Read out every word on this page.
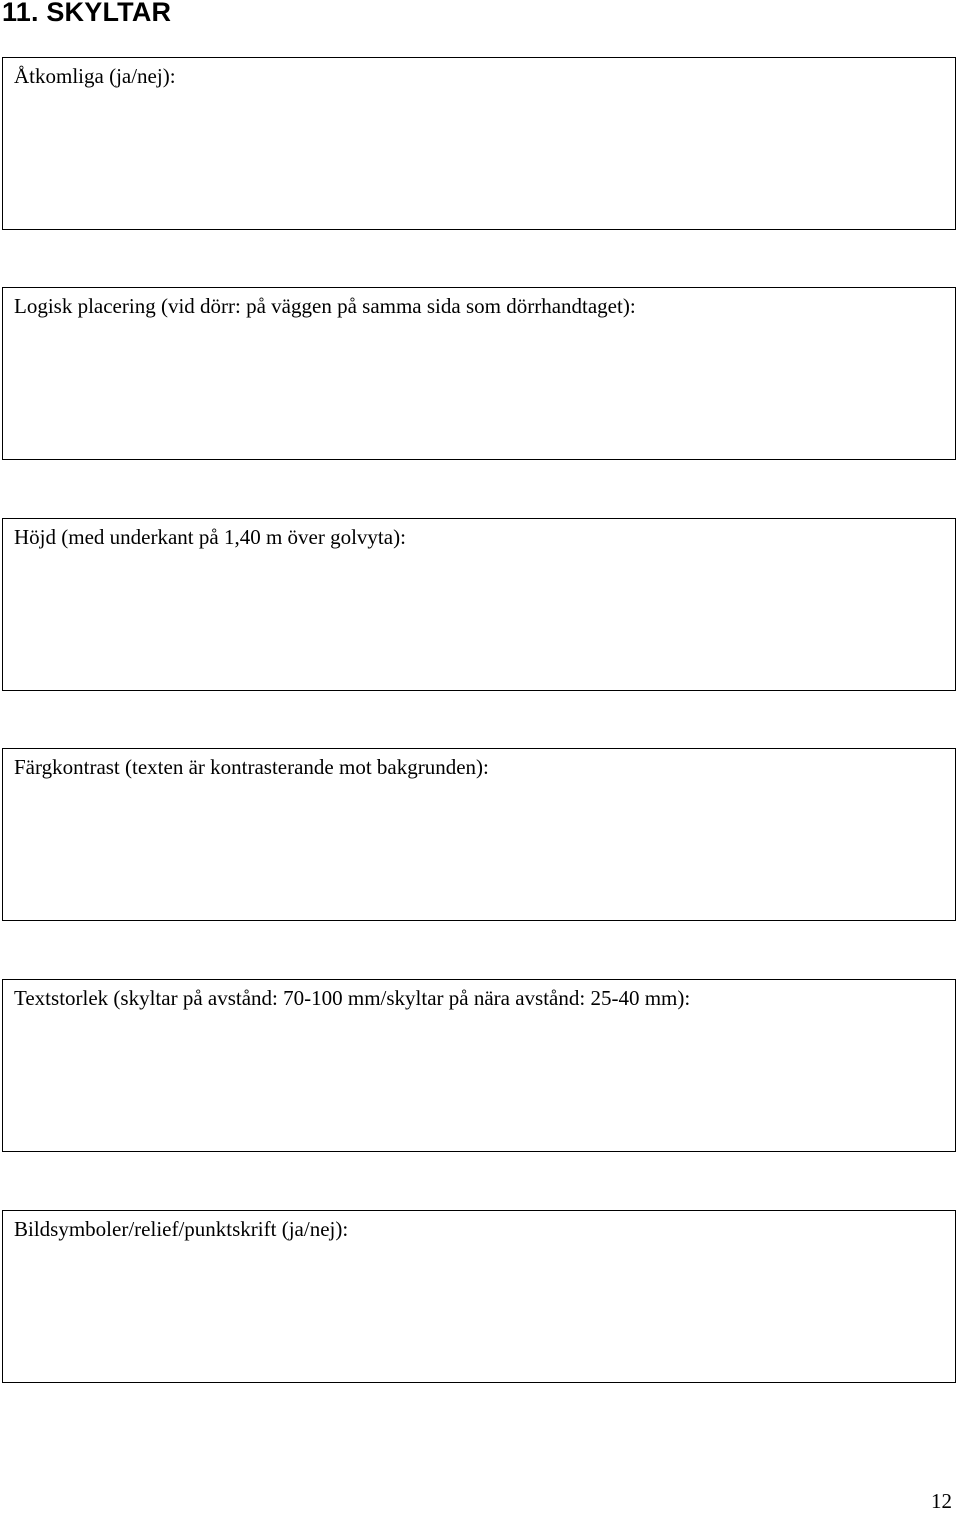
11. SKYLTAR

Åtkomliga (ja/nej):

Logisk placering (vid dörr: på väggen på samma sida som dörrhandtaget):

Höjd (med underkant på 1,40 m över golvyta):

Färgkontrast (texten är kontrasterande mot bakgrunden):

Textstorlek (skyltar på avstånd: 70-100 mm/skyltar på nära avstånd: 25-40 mm):

Bildsymboler/relief/punktskrift (ja/nej):

12
